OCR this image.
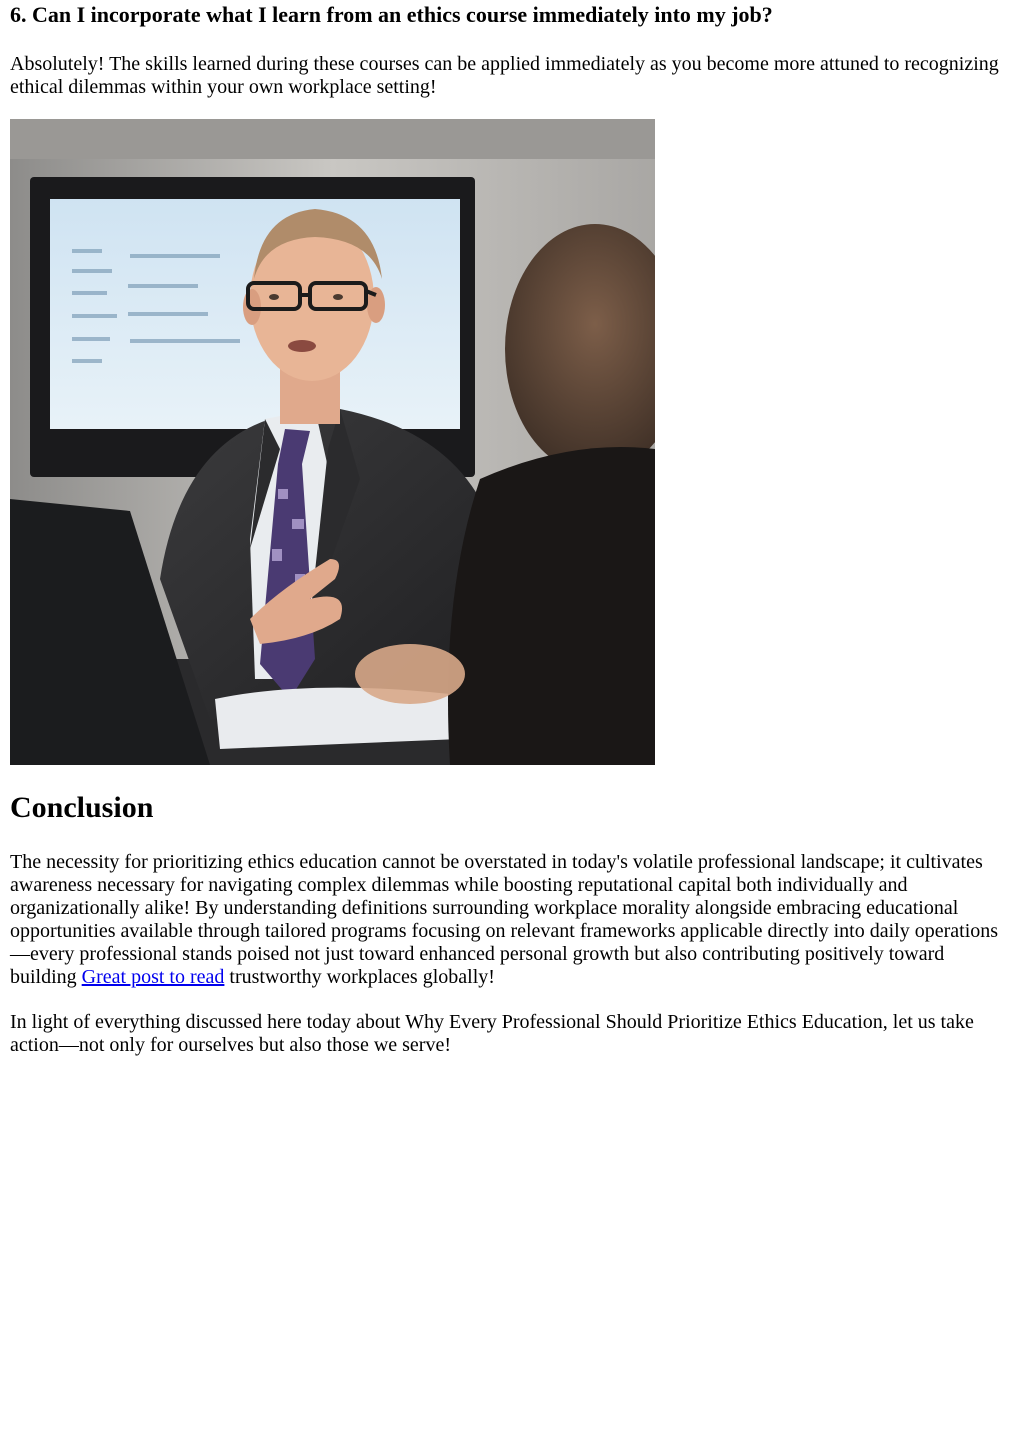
6. Can I incorporate what I learn from an ethics course immediately into my job?

Absolutely! The skills learned during these courses can be applied immediately as you become more attuned to recognizing ethical dilemmas within your own workplace setting!

Conclusion

The necessity for prioritizing ethics education cannot be overstated in today's volatile professional landscape; it cultivates awareness necessary for navigating complex dilemmas while boosting reputational capital both individually and organizationally alike! By understanding definitions surrounding workplace morality alongside embracing educational opportunities available through tailored programs focusing on relevant frameworks applicable directly into daily operations—every professional stands poised not just toward enhanced personal growth but also contributing positively toward building Great post to read trustworthy workplaces globally!

In light of everything discussed here today about Why Every Professional Should Prioritize Ethics Education, let us take action—not only for ourselves but also those we serve!
